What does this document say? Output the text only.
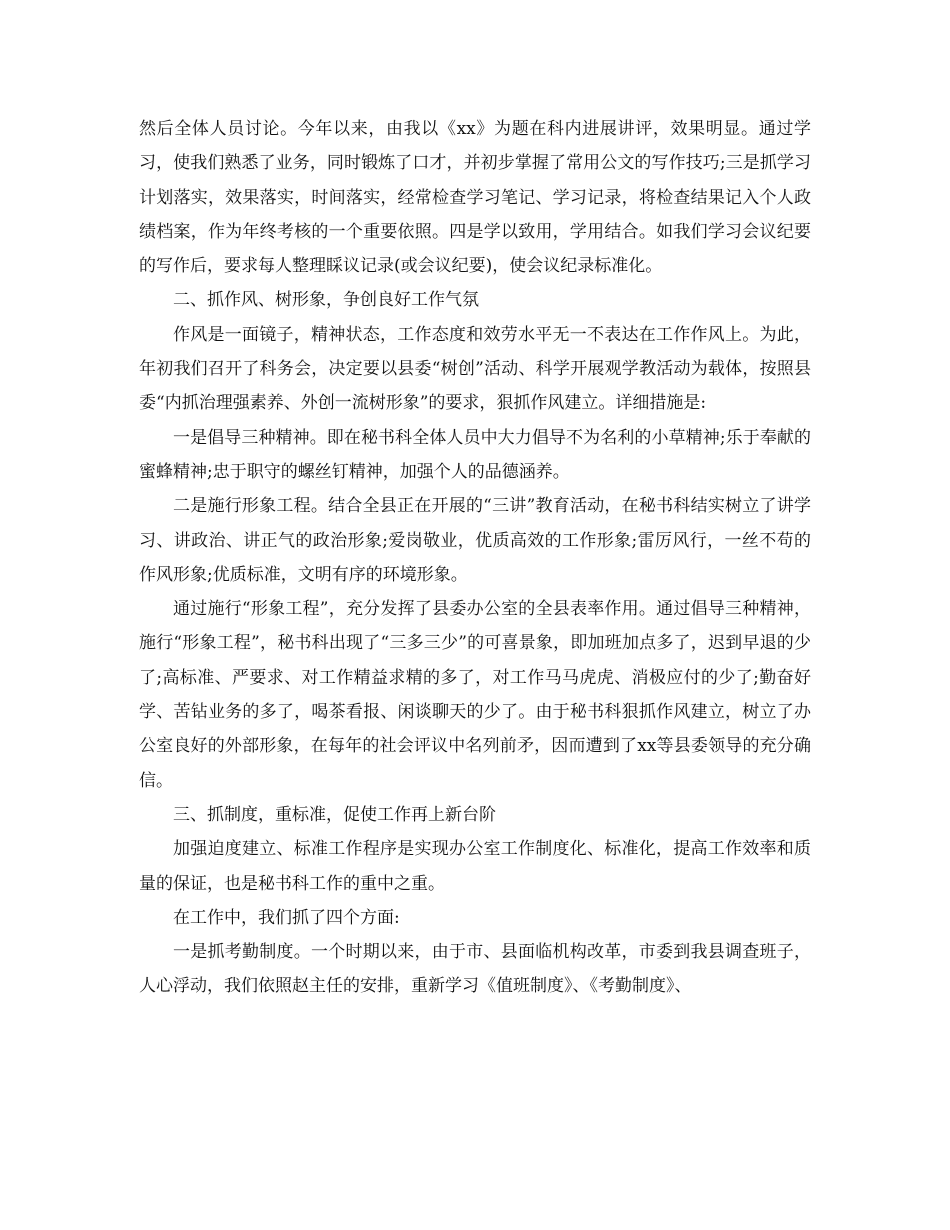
然后全体人员讨论。今年以来，由我以《xx》为题在科内进展讲评，效果明显。通过学习，使我们熟悉了业务，同时锻炼了口才，并初步掌握了常用公文的写作技巧;三是抓学习计划落实，效果落实，时间落实，经常检查学习笔记、学习记录，将检查结果记入个人政绩档案，作为年终考核的一个重要依照。四是学以致用，学用结合。如我们学习会议纪要的写作后，要求每人整理睬议记录(或会议纪要)，使会议纪录标准化。

二、抓作风、树形象，争创良好工作气氛

作风是一面镜子，精神状态，工作态度和效劳水平无一不表达在工作作风上。为此，年初我们召开了科务会，决定要以县委“树创”活动、科学开展观学教活动为载体，按照县委“内抓治理强素养、外创一流树形象”的要求，狠抓作风建立。详细措施是:

一是倡导三种精神。即在秘书科全体人员中大力倡导不为名利的小草精神;乐于奉献的蜜蜂精神;忠于职守的螺丝钉精神，加强个人的品德涵养。

二是施行形象工程。结合全县正在开展的“三讲”教育活动，在秘书科结实树立了讲学习、讲政治、讲正气的政治形象;爱岗敬业，优质高效的工作形象;雷厉风行，一丝不苟的作风形象;优质标准，文明有序的环境形象。

通过施行“形象工程”，充分发挥了县委办公室的全县表率作用。通过倡导三种精神，施行“形象工程”，秘书科出现了“三多三少”的可喜景象，即加班加点多了，迟到早退的少了;高标准、严要求、对工作精益求精的多了，对工作马马虎虎、消极应付的少了;勤奋好学、苦钻业务的多了，喝茶看报、闲谈聊天的少了。由于秘书科狠抓作风建立，树立了办公室良好的外部形象，在每年的社会评议中名列前矛，因而遭到了xx等县委领导的充分确信。

三、抓制度，重标准，促使工作再上新台阶

加强迫度建立、标准工作程序是实现办公室工作制度化、标准化，提高工作效率和质量的保证，也是秘书科工作的重中之重。

在工作中，我们抓了四个方面:

一是抓考勤制度。一个时期以来，由于市、县面临机构改革，市委到我县调查班子，人心浮动，我们依照赵主任的安排，重新学习《值班制度》、《考勤制度》、
